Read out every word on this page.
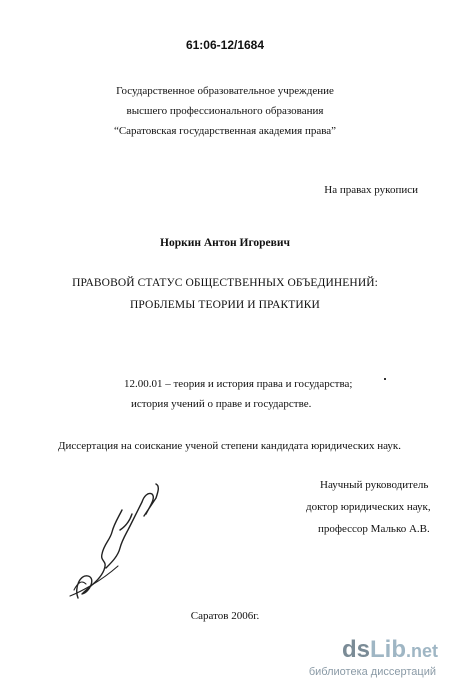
61:06-12/1684
Государственное образовательное учреждение
высшего профессионального образования
“Саратовская государственная академия права”
На правах рукописи
Норкин Антон Игоревич
ПРАВОВОЙ СТАТУС ОБЩЕСТВЕННЫХ ОБЪЕДИНЕНИЙ:
ПРОБЛЕМЫ ТЕОРИИ И ПРАКТИКИ
12.00.01 – теория и история права и государства;
история учений о праве и государстве.
Диссертация на соискание ученой степени кандидата юридических наук.
Научный руководитель
доктор юридических наук,
профессор Малько А.В.
Саратов 2006г.
dsLib.net
библиотека диссертаций
